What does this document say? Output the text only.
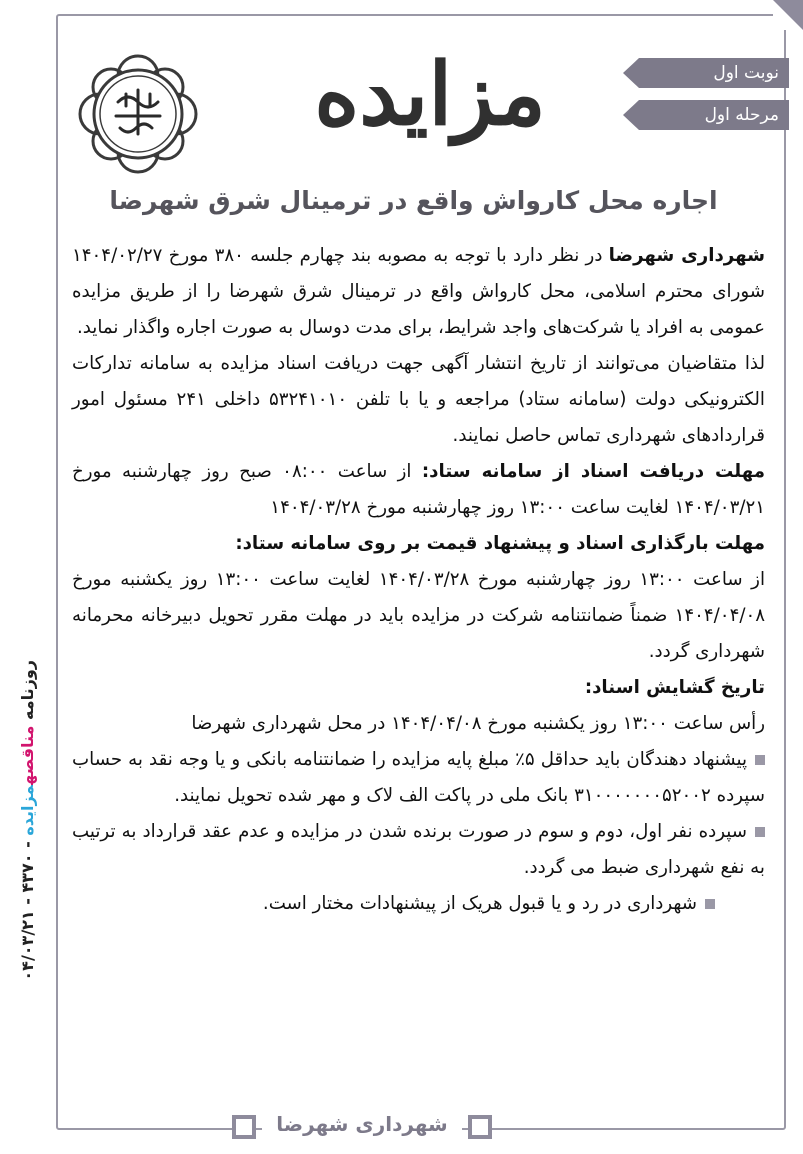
مزایده	نوبت اول
مرحله اول
اجاره محل کارواش واقع در ترمینال شرق شهرضا

شهرداری شهرضا در نظر دارد با توجه به مصوبه بند چهارم جلسه ۳۸۰ مورخ ۱۴۰۴/۰۲/۲۷ شورای محترم اسلامی، محل کارواش واقع در ترمینال شرق شهرضا را از طریق مزایده عمومی به افراد یا شرکت‌های واجد شرایط، برای مدت دوسال به صورت اجاره واگذار نماید.

لذا متقاضیان می‌توانند از تاریخ انتشار آگهی جهت دریافت اسناد مزایده به سامانه تدارکات الکترونیکی دولت (سامانه ستاد) مراجعه و یا با تلفن ۵۳۲۴۱۰۱۰ داخلی ۲۴۱ مسئول امور قراردادهای شهرداری تماس حاصل نمایند.

مهلت دریافت اسناد از سامانه ستاد: از ساعت ۰۸:۰۰ صبح روز چهارشنبه مورخ ۱۴۰۴/۰۳/۲۱ لغایت ساعت ۱۳:۰۰ روز چهارشنبه مورخ ۱۴۰۴/۰۳/۲۸

مهلت بارگذاری اسناد و پیشنهاد قیمت بر روی سامانه ستاد:

از ساعت ۱۳:۰۰ روز چهارشنبه مورخ ۱۴۰۴/۰۳/۲۸ لغایت ساعت ۱۳:۰۰ روز یکشنبه مورخ ۱۴۰۴/۰۴/۰۸ ضمناً ضمانتنامه شرکت در مزایده باید در مهلت مقرر تحویل دبیرخانه محرمانه شهرداری گردد.

تاریخ گشایش اسناد:

رأس ساعت ۱۳:۰۰ روز یکشنبه مورخ ۱۴۰۴/۰۴/۰۸ در محل شهرداری شهرضا

پیشنهاد دهندگان باید حداقل ۵٪ مبلغ پایه مزایده را ضمانتنامه بانکی و یا وجه نقد به حساب سپرده ۳۱۰۰۰۰۰۰۰۵۲۰۰۲ بانک ملی در پاکت الف لاک و مهر شده تحویل نمایند.

سپرده نفر اول، دوم و سوم در صورت برنده شدن در مزایده و عدم عقد قرارداد به ترتیب به نفع شهرداری ضبط می گردد.

شهرداری در رد و یا قبول هریک از پیشنهادات مختار است.

روزنامه مناقصهمزایده - ۴۳۷۰ - ۰۴/۰۳/۲۱
شهرداری شهرضا
